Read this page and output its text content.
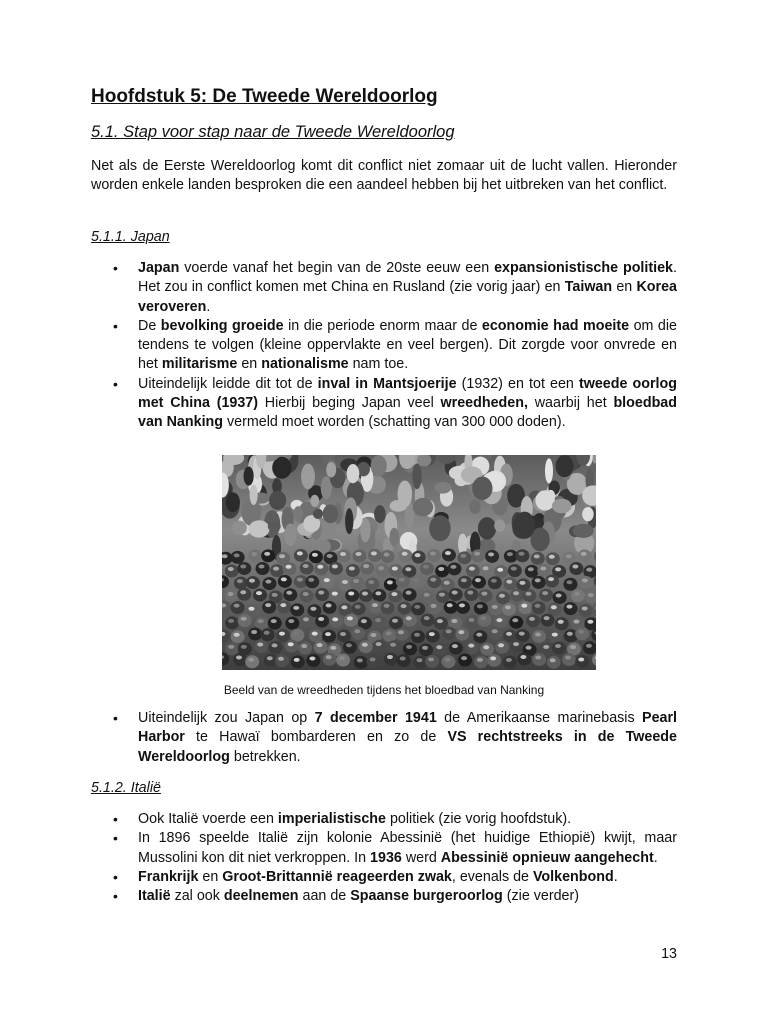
Hoofdstuk 5: De Tweede Wereldoorlog
5.1. Stap voor stap naar de Tweede Wereldoorlog

Net als de Eerste Wereldoorlog komt dit conflict niet zomaar uit de lucht vallen. Hieronder worden enkele landen besproken die een aandeel hebben bij het uitbreken van het conflict.

5.1.1. Japan
• Japan voerde vanaf het begin van de 20ste eeuw een expansionistische politiek. Het zou in conflict komen met China en Rusland (zie vorig jaar) en Taiwan en Korea veroveren.
• De bevolking groeide in die periode enorm maar de economie had moeite om die tendens te volgen (kleine oppervlakte en veel bergen). Dit zorgde voor onvrede en het militarisme en nationalisme nam toe.
• Uiteindelijk leidde dit tot de inval in Mantsjoerije (1932) en tot een tweede oorlog met China (1937) Hierbij beging Japan veel wreedheden, waarbij het bloedbad van Nanking vermeld moet worden (schatting van 300 000 doden).
Beeld van de wreedheden tijdens het bloedbad van Nanking
• Uiteindelijk zou Japan op 7 december 1941 de Amerikaanse marinebasis Pearl Harbor te Hawaï bombarderen en zo de VS rechtstreeks in de Tweede Wereldoorlog betrekken.
5.1.2. Italië
• Ook Italië voerde een imperialistische politiek (zie vorig hoofdstuk).
• In 1896 speelde Italië zijn kolonie Abessinië (het huidige Ethiopië) kwijt, maar Mussolini kon dit niet verkroppen. In 1936 werd Abessinië opnieuw aangehecht.
• Frankrijk en Groot-Brittannië reageerden zwak, evenals de Volkenbond.
• Italië zal ook deelnemen aan de Spaanse burgeroorlog (zie verder)
13
